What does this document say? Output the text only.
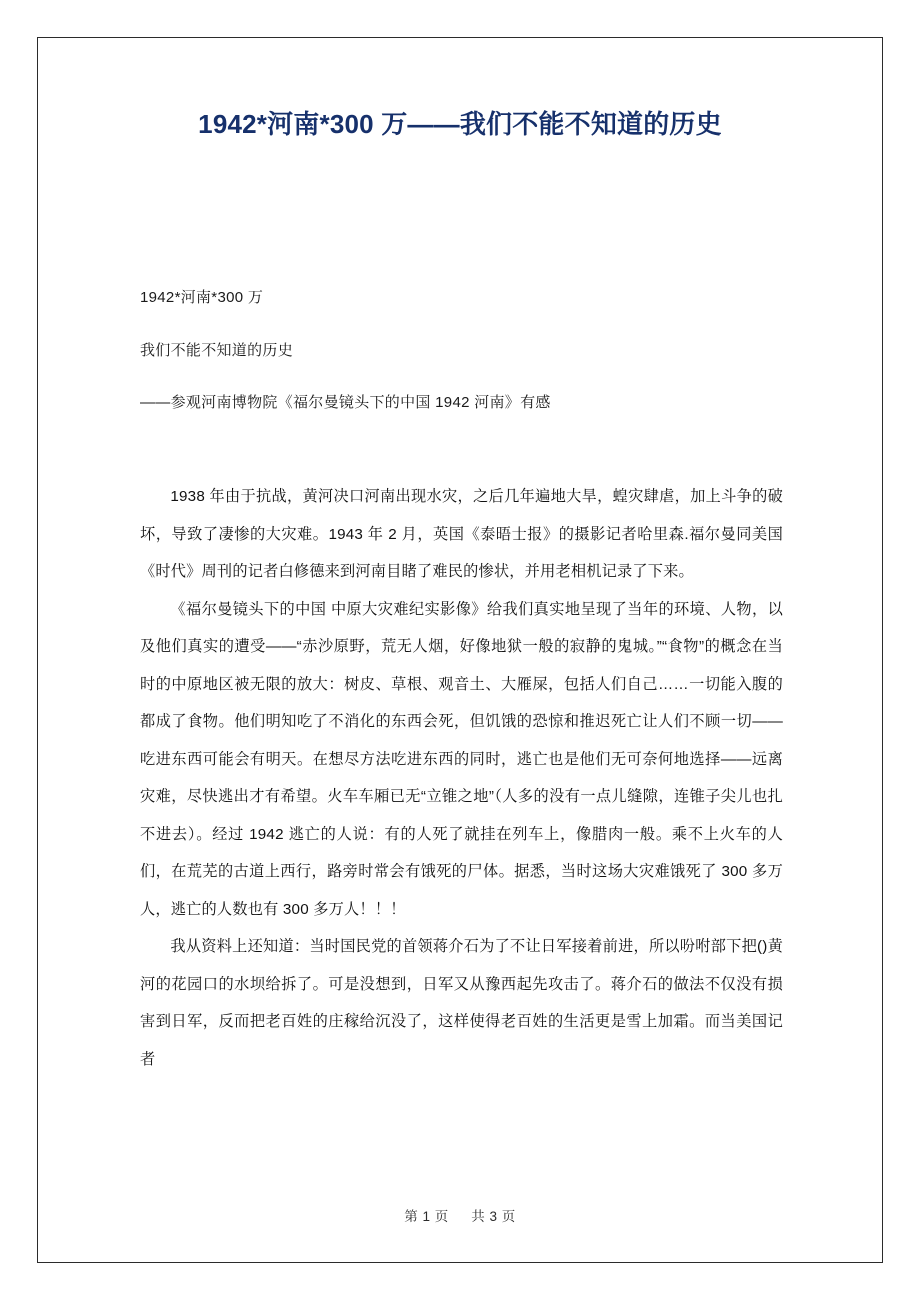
1942*河南*300 万——我们不能不知道的历史

1942*河南*300 万

我们不能不知道的历史

——参观河南博物院《福尔曼镜头下的中国 1942 河南》有感

1938 年由于抗战，黄河决口河南出现水灾，之后几年遍地大旱，蝗灾肆虐，加上斗争的破坏，导致了凄惨的大灾难。1943 年 2 月，英国《泰晤士报》的摄影记者哈里森.福尔曼同美国《时代》周刊的记者白修德来到河南目睹了难民的惨状，并用老相机记录了下来。

《福尔曼镜头下的中国 中原大灾难纪实影像》给我们真实地呈现了当年的环境、人物，以及他们真实的遭受——“赤沙原野，荒无人烟，好像地狱一般的寂静的鬼城。”“食物”的概念在当时的中原地区被无限的放大：树皮、草根、观音土、大雁屎，包括人们自己……一切能入腹的都成了食物。他们明知吃了不消化的东西会死，但饥饿的恐惊和推迟死亡让人们不顾一切——吃进东西可能会有明天。在想尽方法吃进东西的同时，逃亡也是他们无可奈何地选择——远离灾难，尽快逃出才有希望。火车车厢已无“立锥之地”（人多的没有一点儿缝隙，连锥子尖儿也扎不进去）。经过 1942 逃亡的人说：有的人死了就挂在列车上，像腊肉一般。乘不上火车的人们，在荒芜的古道上西行，路旁时常会有饿死的尸体。据悉，当时这场大灾难饿死了 300 多万人，逃亡的人数也有 300 多万人！！！

我从资料上还知道：当时国民党的首领蒋介石为了不让日军接着前进，所以吩咐部下把()黄河的花园口的水坝给拆了。可是没想到，日军又从豫西起先攻击了。蒋介石的做法不仅没有损害到日军，反而把老百姓的庄稼给沉没了，这样使得老百姓的生活更是雪上加霜。而当美国记者

第 1 页 共 3 页
